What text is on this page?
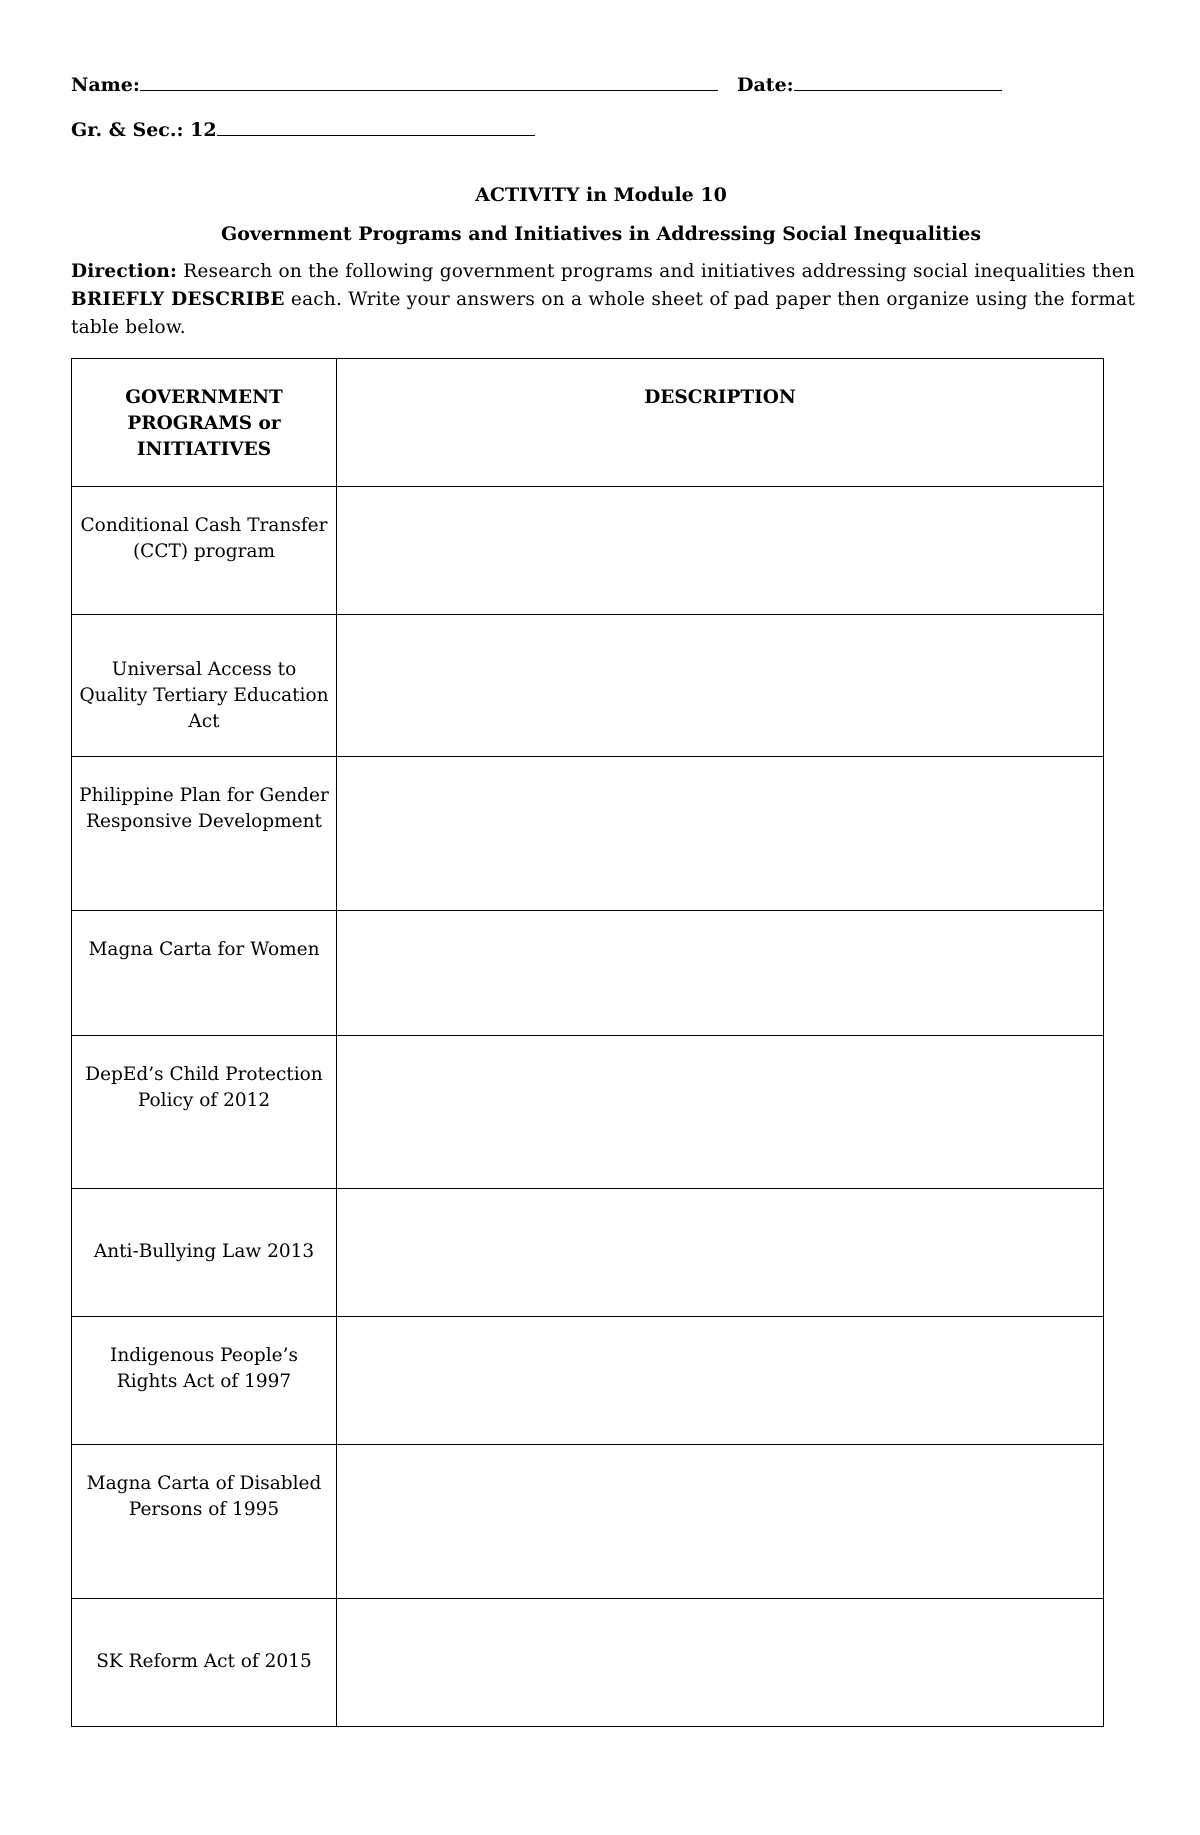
Name:	Date:
Gr. & Sec.: 12
ACTIVITY in Module 10
Government Programs and Initiatives in Addressing Social Inequalities
Direction: Research on the following government programs and initiatives addressing social inequalities then BRIEFLY DESCRIBE each. Write your answers on a whole sheet of pad paper then organize using the format table below.
GOVERNMENT PROGRAMS or INITIATIVES	DESCRIPTION
Conditional Cash Transfer (CCT) program	
Universal Access to Quality Tertiary Education Act	
Philippine Plan for Gender Responsive Development	
Magna Carta for Women	
DepEd’s Child Protection Policy of 2012	
Anti-Bullying Law 2013	
Indigenous People’s Rights Act of 1997	
Magna Carta of Disabled Persons of 1995	
SK Reform Act of 2015	
